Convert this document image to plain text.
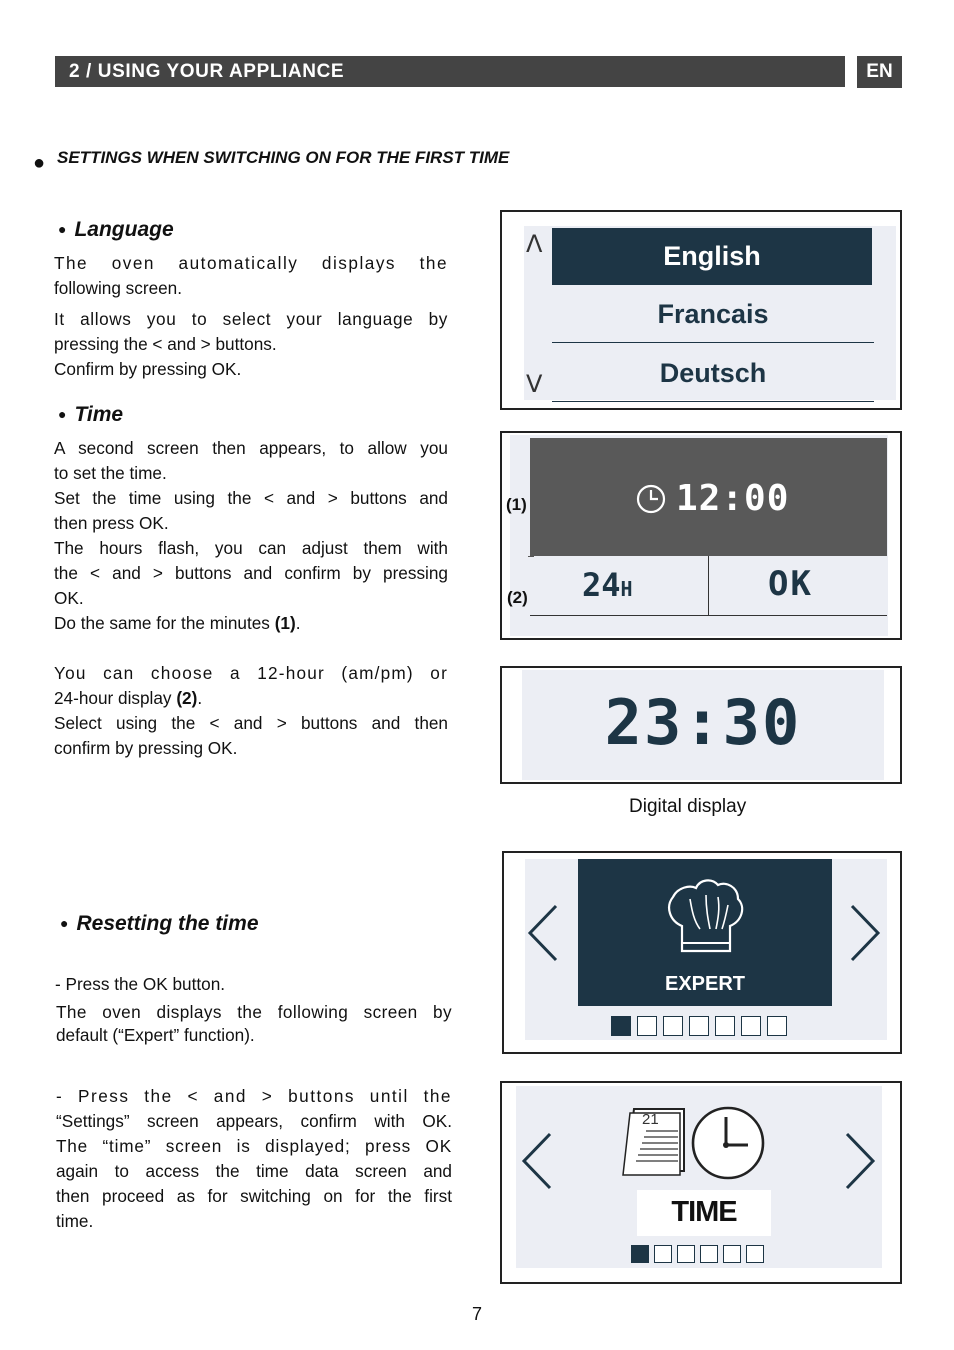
2 / USING YOUR APPLIANCE	EN
● SETTINGS WHEN SWITCHING ON FOR THE FIRST TIME
● Language
The oven automatically displays the
following screen.
It allows you to select your language by
pressing the < and > buttons.
Confirm by pressing OK.
● Time
A second screen then appears, to allow you
to set the time.
Set the time using the < and > buttons and
then press OK.
The hours flash, you can adjust them with
the < and > buttons and confirm by pressing
OK.
Do the same for the minutes (1).
You can choose a 12-hour (am/pm) or
24-hour display (2).
Select using the < and > buttons and then
confirm by pressing OK.
● Resetting the time
- Press the OK button.
The oven displays the following screen by
default (“Expert” function).
- Press the < and > buttons until the
“Settings” screen appears, confirm with OK.
The “time” screen is displayed; press OK
again to access the time data screen and
then proceed as for switching on for the first
time.
Λ
V
English
Francais
Deutsch
12:00
24H	OK
(1)
(2)
23:30
Digital display
EXPERT
21
TIME
7
